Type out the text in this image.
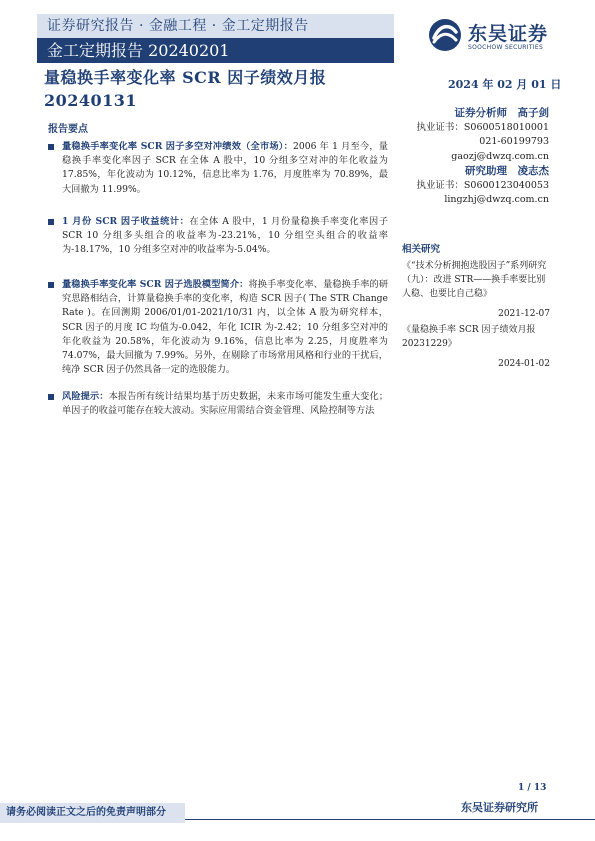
证券研究报告 · 金融工程 · 金工定期报告
金工定期报告 20240201
东吴证券
SOOCHOW SECURITIES
量稳换手率变化率 SCR 因子绩效月报 20240131
2024 年 02 月 01 日
证券分析师　高子剑
执业证书：S0600518010001
021-60199793
gaozj@dwzq.com.cn
研究助理　凌志杰
执业证书：S0600123040053
lingzhj@dwzq.com.cn
报告要点
量稳换手率变化率 SCR 因子多空对冲绩效（全市场）：2006 年 1 月至今，量稳换手率变化率因子 SCR 在全体 A 股中，10 分组多空对冲的年化收益为 17.85%，年化波动为 10.12%，信息比率为 1.76，月度胜率为 70.89%，最大回撤为 11.99%。
1 月份 SCR 因子收益统计：在全体 A 股中，1 月份量稳换手率变化率因子 SCR 10 分组多头组合的收益率为-23.21%，10 分组空头组合的收益率为-18.17%，10 分组多空对冲的收益率为-5.04%。
量稳换手率变化率 SCR 因子选股模型简介：将换手率变化率、量稳换手率的研究思路相结合，计算量稳换手率的变化率，构造 SCR 因子( The STR Change Rate )。在回测期 2006/01/01-2021/10/31 内，以全体 A 股为研究样本，SCR 因子的月度 IC 均值为-0.042，年化 ICIR 为-2.42；10 分组多空对冲的年化收益为 20.58%，年化波动为 9.16%，信息比率为 2.25，月度胜率为 74.07%，最大回撤为 7.99%。另外，在剔除了市场常用风格和行业的干扰后，纯净 SCR 因子仍然具备一定的选股能力。
风险提示：本报告所有统计结果均基于历史数据，未来市场可能发生重大变化；单因子的收益可能存在较大波动。实际应用需结合资金管理、风险控制等方法
相关研究
《“技术分析拥抱选股因子”系列研究（九）：改进 STR——换手率要比别人稳、也要比自己稳》
2021-12-07
《量稳换手率 SCR 因子绩效月报 20231229》
2024-01-02
1 / 13
东吴证券研究所
请务必阅读正文之后的免责声明部分
